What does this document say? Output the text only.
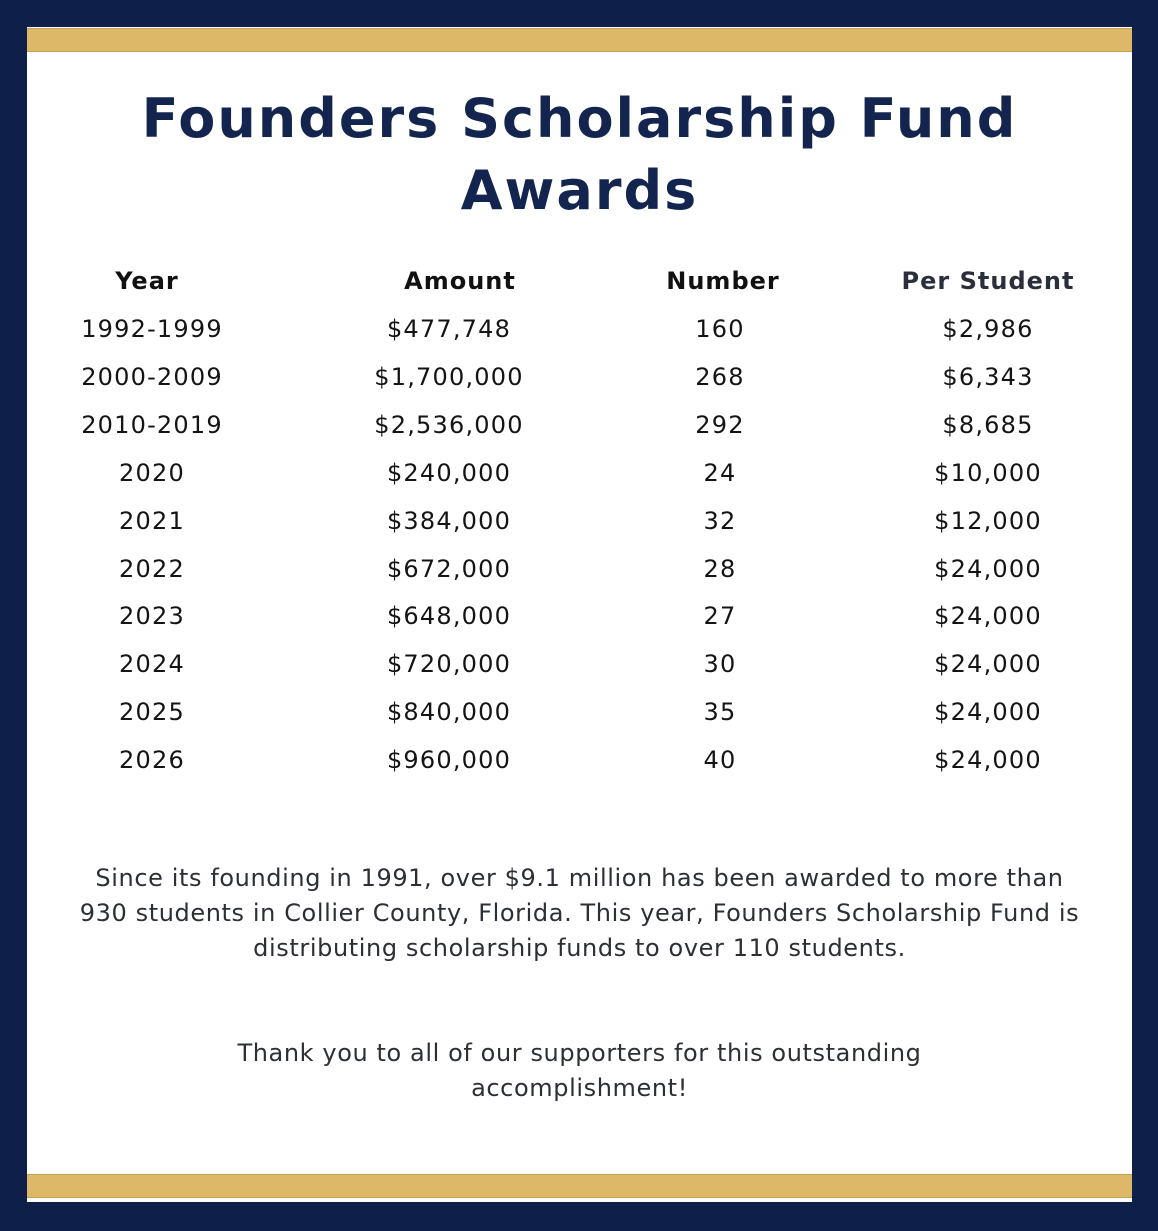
Founders Scholarship Fund Awards
Year	Amount	Number	Per Student
1992-1999	$477,748	160	$2,986
2000-2009	$1,700,000	268	$6,343
2010-2019	$2,536,000	292	$8,685
2020	$240,000	24	$10,000
2021	$384,000	32	$12,000
2022	$672,000	28	$24,000
2023	$648,000	27	$24,000
2024	$720,000	30	$24,000
2025	$840,000	35	$24,000
2026	$960,000	40	$24,000
Since its founding in 1991, over $9.1 million has been awarded to more than 930 students in Collier County, Florida. This year, Founders Scholarship Fund is distributing scholarship funds to over 110 students.
Thank you to all of our supporters for this outstanding accomplishment!
